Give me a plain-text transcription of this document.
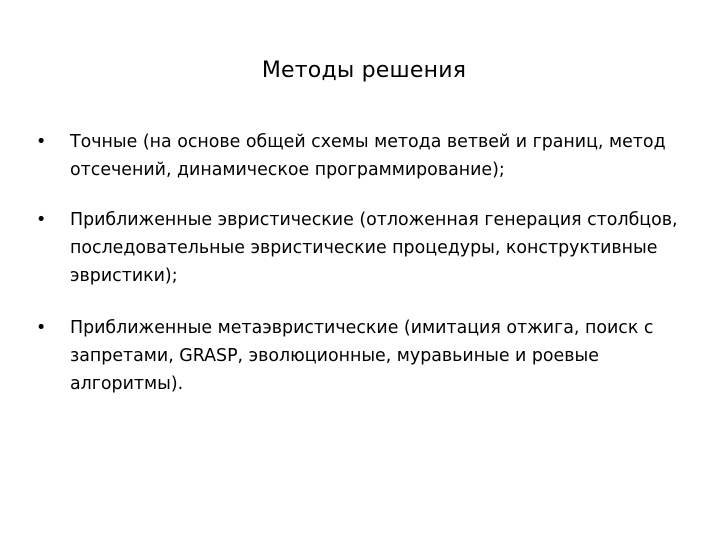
Методы решения
•	Точные (на основе общей схемы метода ветвей и границ, метод отсечений, динамическое программирование);
•	Приближенные эвристические (отложенная генерация столбцов, последовательные эвристические процедуры, конструктивные эвристики);
•	Приближенные метаэвристические (имитация отжига, поиск с запретами, GRASP, эволюционные, муравьиные и роевые алгоритмы).
